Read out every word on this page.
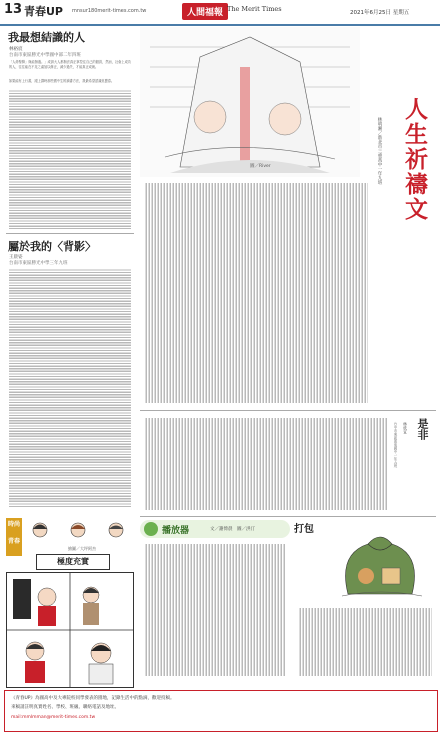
13 青春UP mnsur180merit-times.com.tw	人間福報 The Merit Times	2021年6月25日 星期五
我最想結識的人
林裕宸
台南市東區勝光中學國中部二年四班
「人命聖賢」與能無過。」成訓大人都無法真正掌控住自己的錯誤，然而，社會上成功的人，往往能在不足之處加以修正，減少過失，才能真正成就。
如果能有上行書，跟上課時那些國中生的讀書方法，我最希望認識吳寶春。
屬於我的〈背影〉
王晨姿
台南市東區勝光中學三年九班
時尚
青春
繪圖／大坪阿杰
極度充實
圖／River	人生祈禱文
林明湘／新北市三重高中一年九班
是非
林欣宜
台中市東區惠來國中一年五班
播放器	文／謝倚晨　圖／洪汀	打包
《青春UP》為國高中及大專院校同學發表的園地，記錄生活中的點滴，歡迎投稿。
來稿請註明真實姓名、學校、班級、聯絡電話及地址。
mail:mmlmman@merit-times.com.tw
